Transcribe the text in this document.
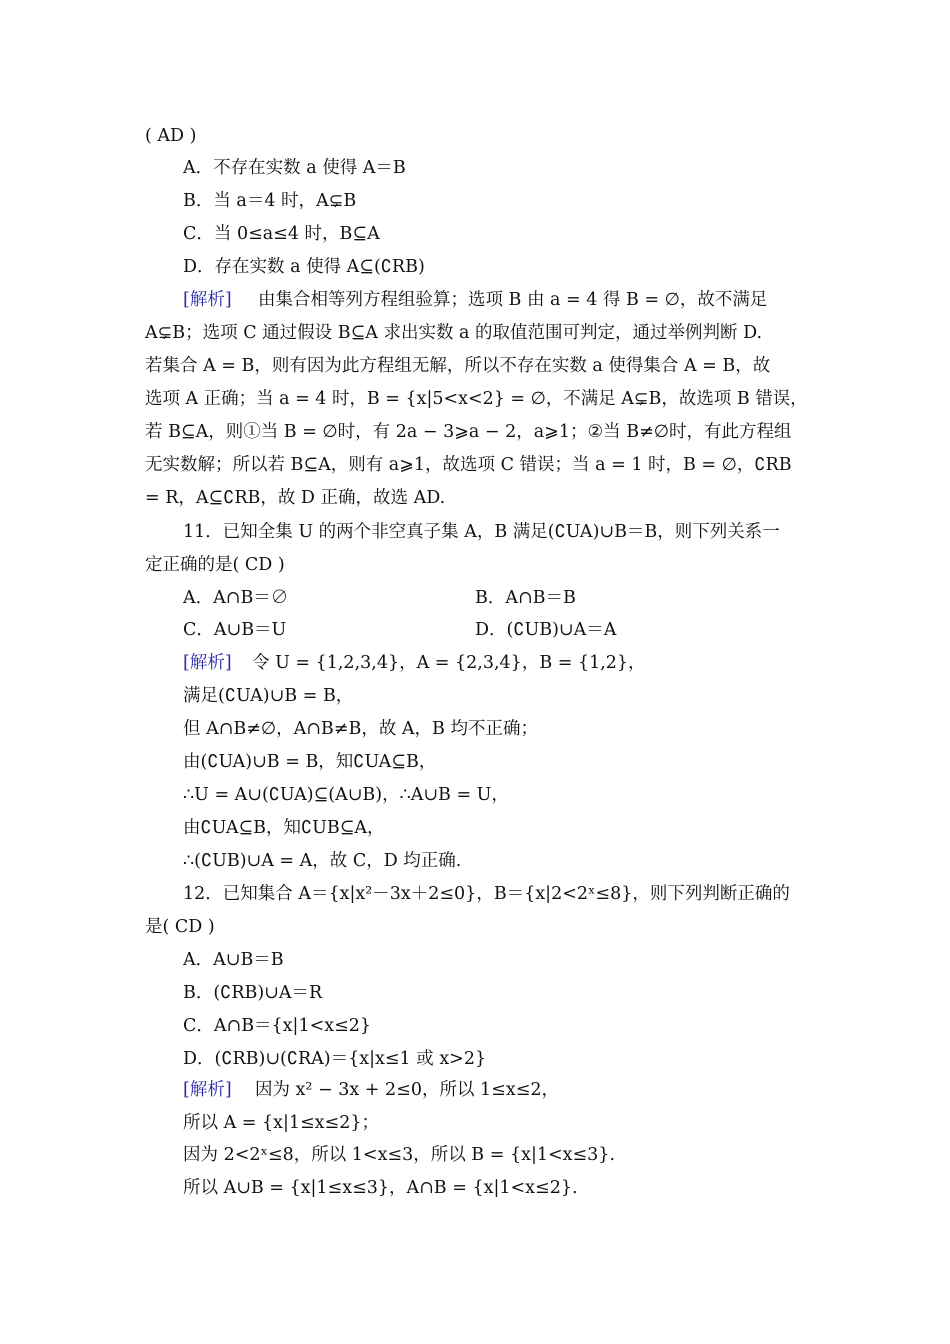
( AD )
A．不存在实数 a 使得 A＝B
B．当 a＝4 时，A⊊B
C．当 0≤a≤4 时，B⊆A
D．存在实数 a 使得 A⊆(∁RB)
[解析] 由集合相等列方程组验算；选项 B 由 a = 4 得 B = ∅，故不满足
A⊊B；选项 C 通过假设 B⊆A 求出实数 a 的取值范围可判定，通过举例判断 D.
若集合 A = B，则有因为此方程组无解，所以不存在实数 a 使得集合 A = B，故
选项 A 正确；当 a = 4 时，B = {x|5<x<2} = ∅，不满足 A⊊B，故选项 B 错误，
若 B⊆A，则①当 B = ∅时，有 2a − 3⩾a − 2，a⩾1；②当 B≠∅时，有此方程组
无实数解；所以若 B⊆A，则有 a⩾1，故选项 C 错误；当 a = 1 时，B = ∅，∁RB
= R，A⊆∁RB，故 D 正确，故选 AD.
11．已知全集 U 的两个非空真子集 A，B 满足(∁UA)∪B＝B，则下列关系一
定正确的是( CD )
A．A∩B＝∅	B．A∩B＝B
C．A∪B＝U	D．(∁UB)∪A＝A
[解析] 令 U = {1,2,3,4}，A = {2,3,4}，B = {1,2}，
满足(∁UA)∪B = B，
但 A∩B≠∅，A∩B≠B，故 A，B 均不正确；
由(∁UA)∪B = B，知∁UA⊆B，
∴U = A∪(∁UA)⊆(A∪B)，∴A∪B = U，
由∁UA⊆B，知∁UB⊆A，
∴(∁UB)∪A = A，故 C，D 均正确.
12．已知集合 A＝{x|x²－3x＋2≤0}，B＝{x|2<2ˣ≤8}，则下列判断正确的
是( CD )
A．A∪B＝B
B．(∁RB)∪A＝R
C．A∩B＝{x|1<x≤2}
D．(∁RB)∪(∁RA)＝{x|x≤1 或 x>2}
[解析] 因为 x² − 3x + 2≤0，所以 1≤x≤2，
所以 A = {x|1≤x≤2}；
因为 2<2ˣ≤8，所以 1<x≤3，所以 B = {x|1<x≤3}.
所以 A∪B = {x|1≤x≤3}，A∩B = {x|1<x≤2}.
